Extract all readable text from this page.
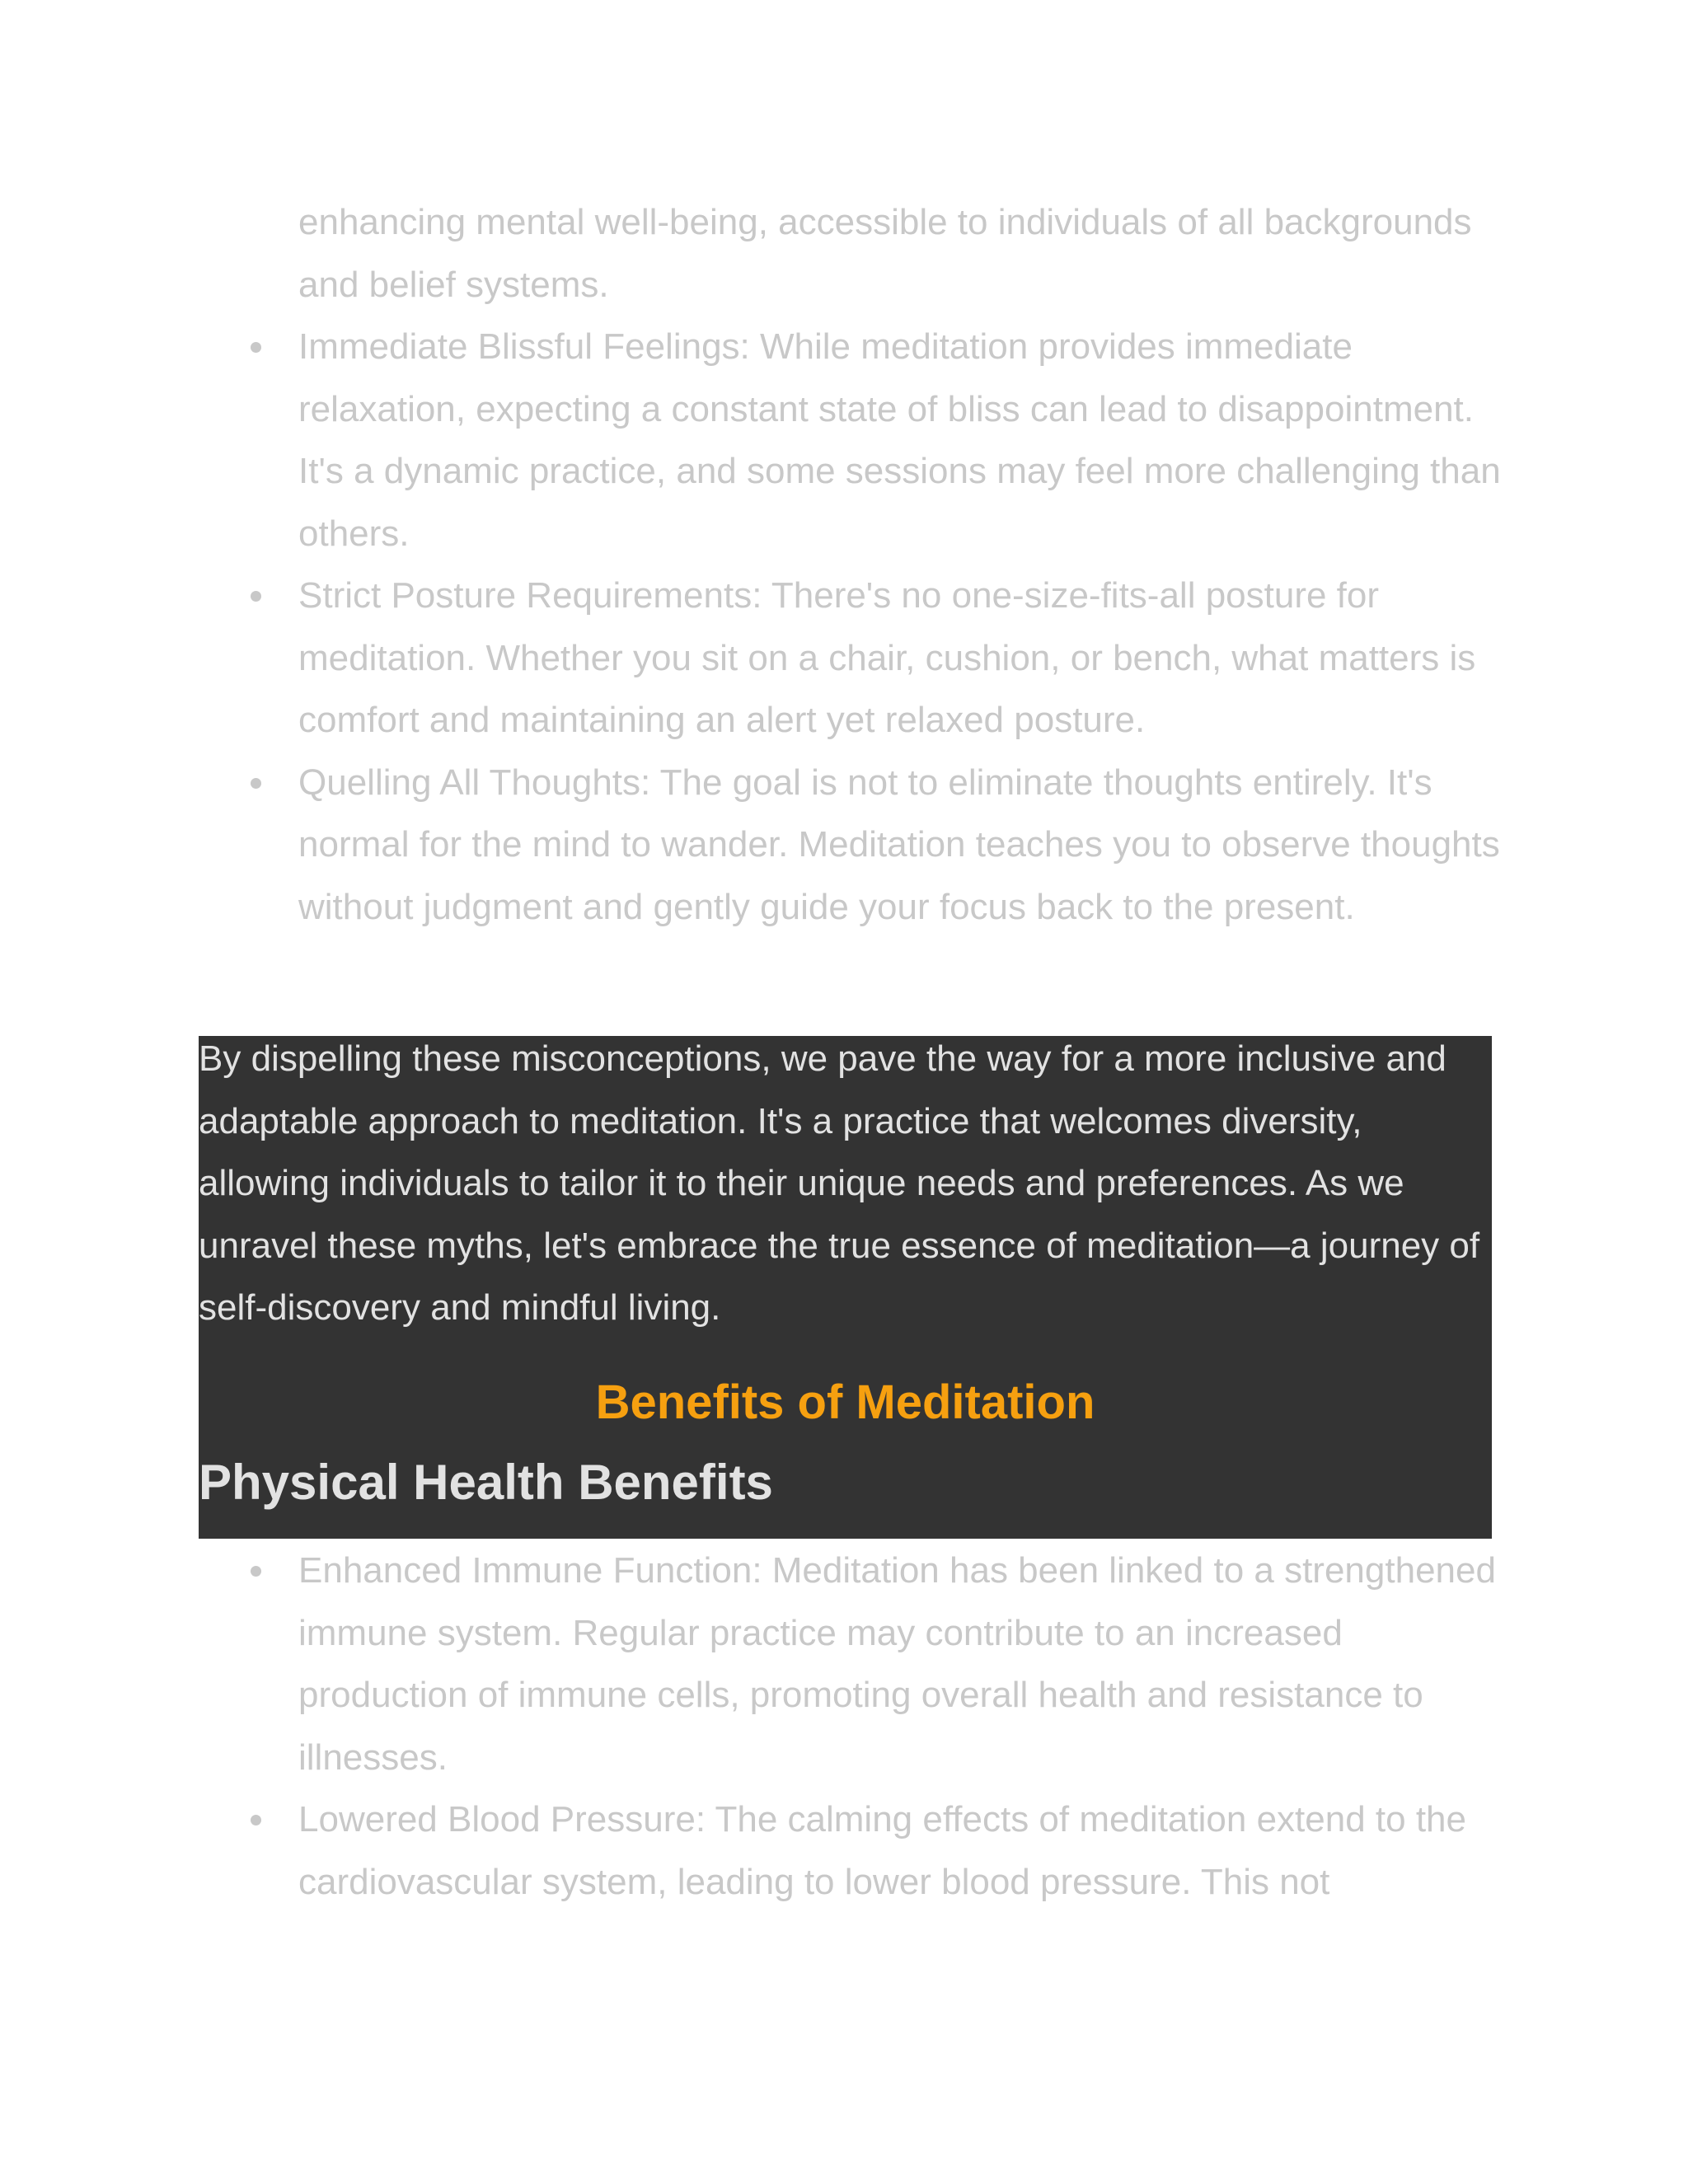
enhancing mental well-being, accessible to individuals of all backgrounds and belief systems.

Immediate Blissful Feelings: While meditation provides immediate relaxation, expecting a constant state of bliss can lead to disappointment. It's a dynamic practice, and some sessions may feel more challenging than others.
Strict Posture Requirements: There's no one-size-fits-all posture for meditation. Whether you sit on a chair, cushion, or bench, what matters is comfort and maintaining an alert yet relaxed posture.
Quelling All Thoughts: The goal is not to eliminate thoughts entirely. It's normal for the mind to wander. Meditation teaches you to observe thoughts without judgment and gently guide your focus back to the present.

By dispelling these misconceptions, we pave the way for a more inclusive and adaptable approach to meditation. It's a practice that welcomes diversity, allowing individuals to tailor it to their unique needs and preferences. As we unravel these myths, let's embrace the true essence of meditation—a journey of self-discovery and mindful living.

Benefits of Meditation
Physical Health Benefits
Enhanced Immune Function: Meditation has been linked to a strengthened immune system. Regular practice may contribute to an increased production of immune cells, promoting overall health and resistance to illnesses.
Lowered Blood Pressure: The calming effects of meditation extend to the cardiovascular system, leading to lower blood pressure. This not
